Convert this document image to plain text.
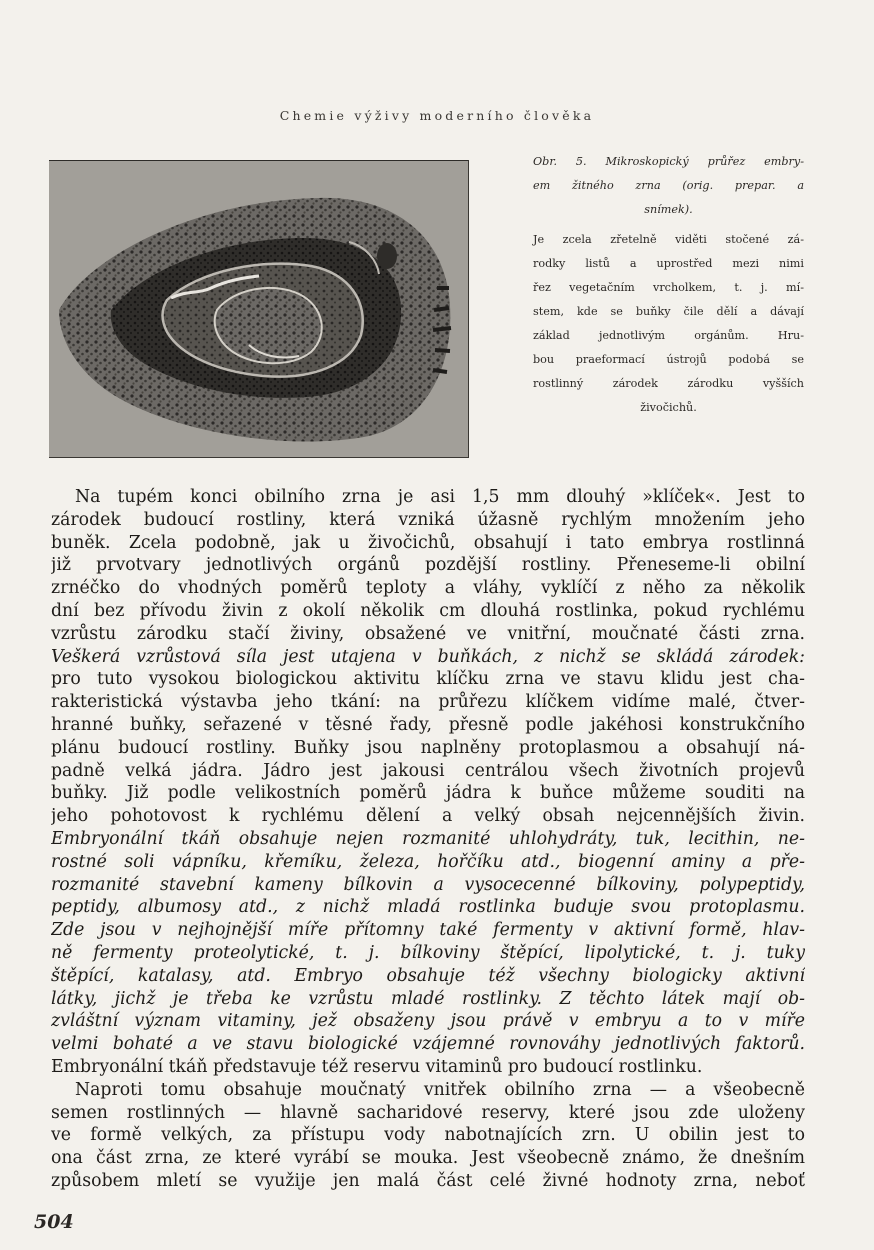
Chemie výživy moderního člověka
Obr. 5. Mikroskopický průřez embry-
em žitného zrna (orig. prepar. a
snímek).
Je zcela zřetelně viděti stočené zá-
rodky listů a uprostřed mezi nimi
řez vegetačním vrcholkem, t. j. mí-
stem, kde se buňky čile dělí a dávají
základ jednotlivým orgánům. Hru-
bou praeformací ústrojů podobá se
rostlinný zárodek zárodku vyšších
živočichů.
Na tupém konci obilního zrna je asi 1,5 mm dlouhý »klíček«. Jest to
zárodek budoucí rostliny, která vzniká úžasně rychlým množením jeho
buněk. Zcela podobně, jak u živočichů, obsahují i tato embrya rostlinná
již prvotvary jednotlivých orgánů pozdější rostliny. Přeneseme-li obilní
zrnéčko do vhodných poměrů teploty a vláhy, vyklíčí z něho za několik
dní bez přívodu živin z okolí několik cm dlouhá rostlinka, pokud rychlému
vzrůstu zárodku stačí živiny, obsažené ve vnitřní, moučnaté části zrna.
Veškerá vzrůstová síla jest utajena v buňkách, z nichž se skládá zárodek:
pro tuto vysokou biologickou aktivitu klíčku zrna ve stavu klidu jest cha-
rakteristická výstavba jeho tkání: na průřezu klíčkem vidíme malé, čtver-
hranné buňky, seřazené v těsné řady, přesně podle jakéhosi konstrukčního
plánu budoucí rostliny. Buňky jsou naplněny protoplasmou a obsahují ná-
padně velká jádra. Jádro jest jakousi centrálou všech životních projevů
buňky. Již podle velikostních poměrů jádra k buňce můžeme souditi na
jeho pohotovost k rychlému dělení a velký obsah nejcennějších živin.
Embryonální tkáň obsahuje nejen rozmanité uhlohydráty, tuk, lecithin, ne-
rostné soli vápníku, křemíku, železa, hořčíku atd., biogenní aminy a pře-
rozmanité stavební kameny bílkovin a vysocecenné bílkoviny, polypeptidy,
peptidy, albumosy atd., z nichž mladá rostlinka buduje svou protoplasmu.
Zde jsou v nejhojnější míře přítomny také fermenty v aktivní formě, hlav-
ně fermenty proteolytické, t. j. bílkoviny štěpící, lipolytické, t. j. tuky
štěpící, katalasy, atd. Embryo obsahuje též všechny biologicky aktivní
látky, jichž je třeba ke vzrůstu mladé rostlinky. Z těchto látek mají ob-
zvláštní význam vitaminy, jež obsaženy jsou právě v embryu a to v míře
velmi bohaté a ve stavu biologické vzájemné rovnováhy jednotlivých faktorů.
Embryonální tkáň představuje též reservu vitaminů pro budoucí rostlinku.
Naproti tomu obsahuje moučnatý vnitřek obilního zrna — a všeobecně
semen rostlinných — hlavně sacharidové reservy, které jsou zde uloženy
ve formě velkých, za přístupu vody nabotnajících zrn. U obilin jest to
ona část zrna, ze které vyrábí se mouka. Jest všeobecně známo, že dnešním
způsobem mletí se využije jen malá část celé živné hodnoty zrna, neboť
504
